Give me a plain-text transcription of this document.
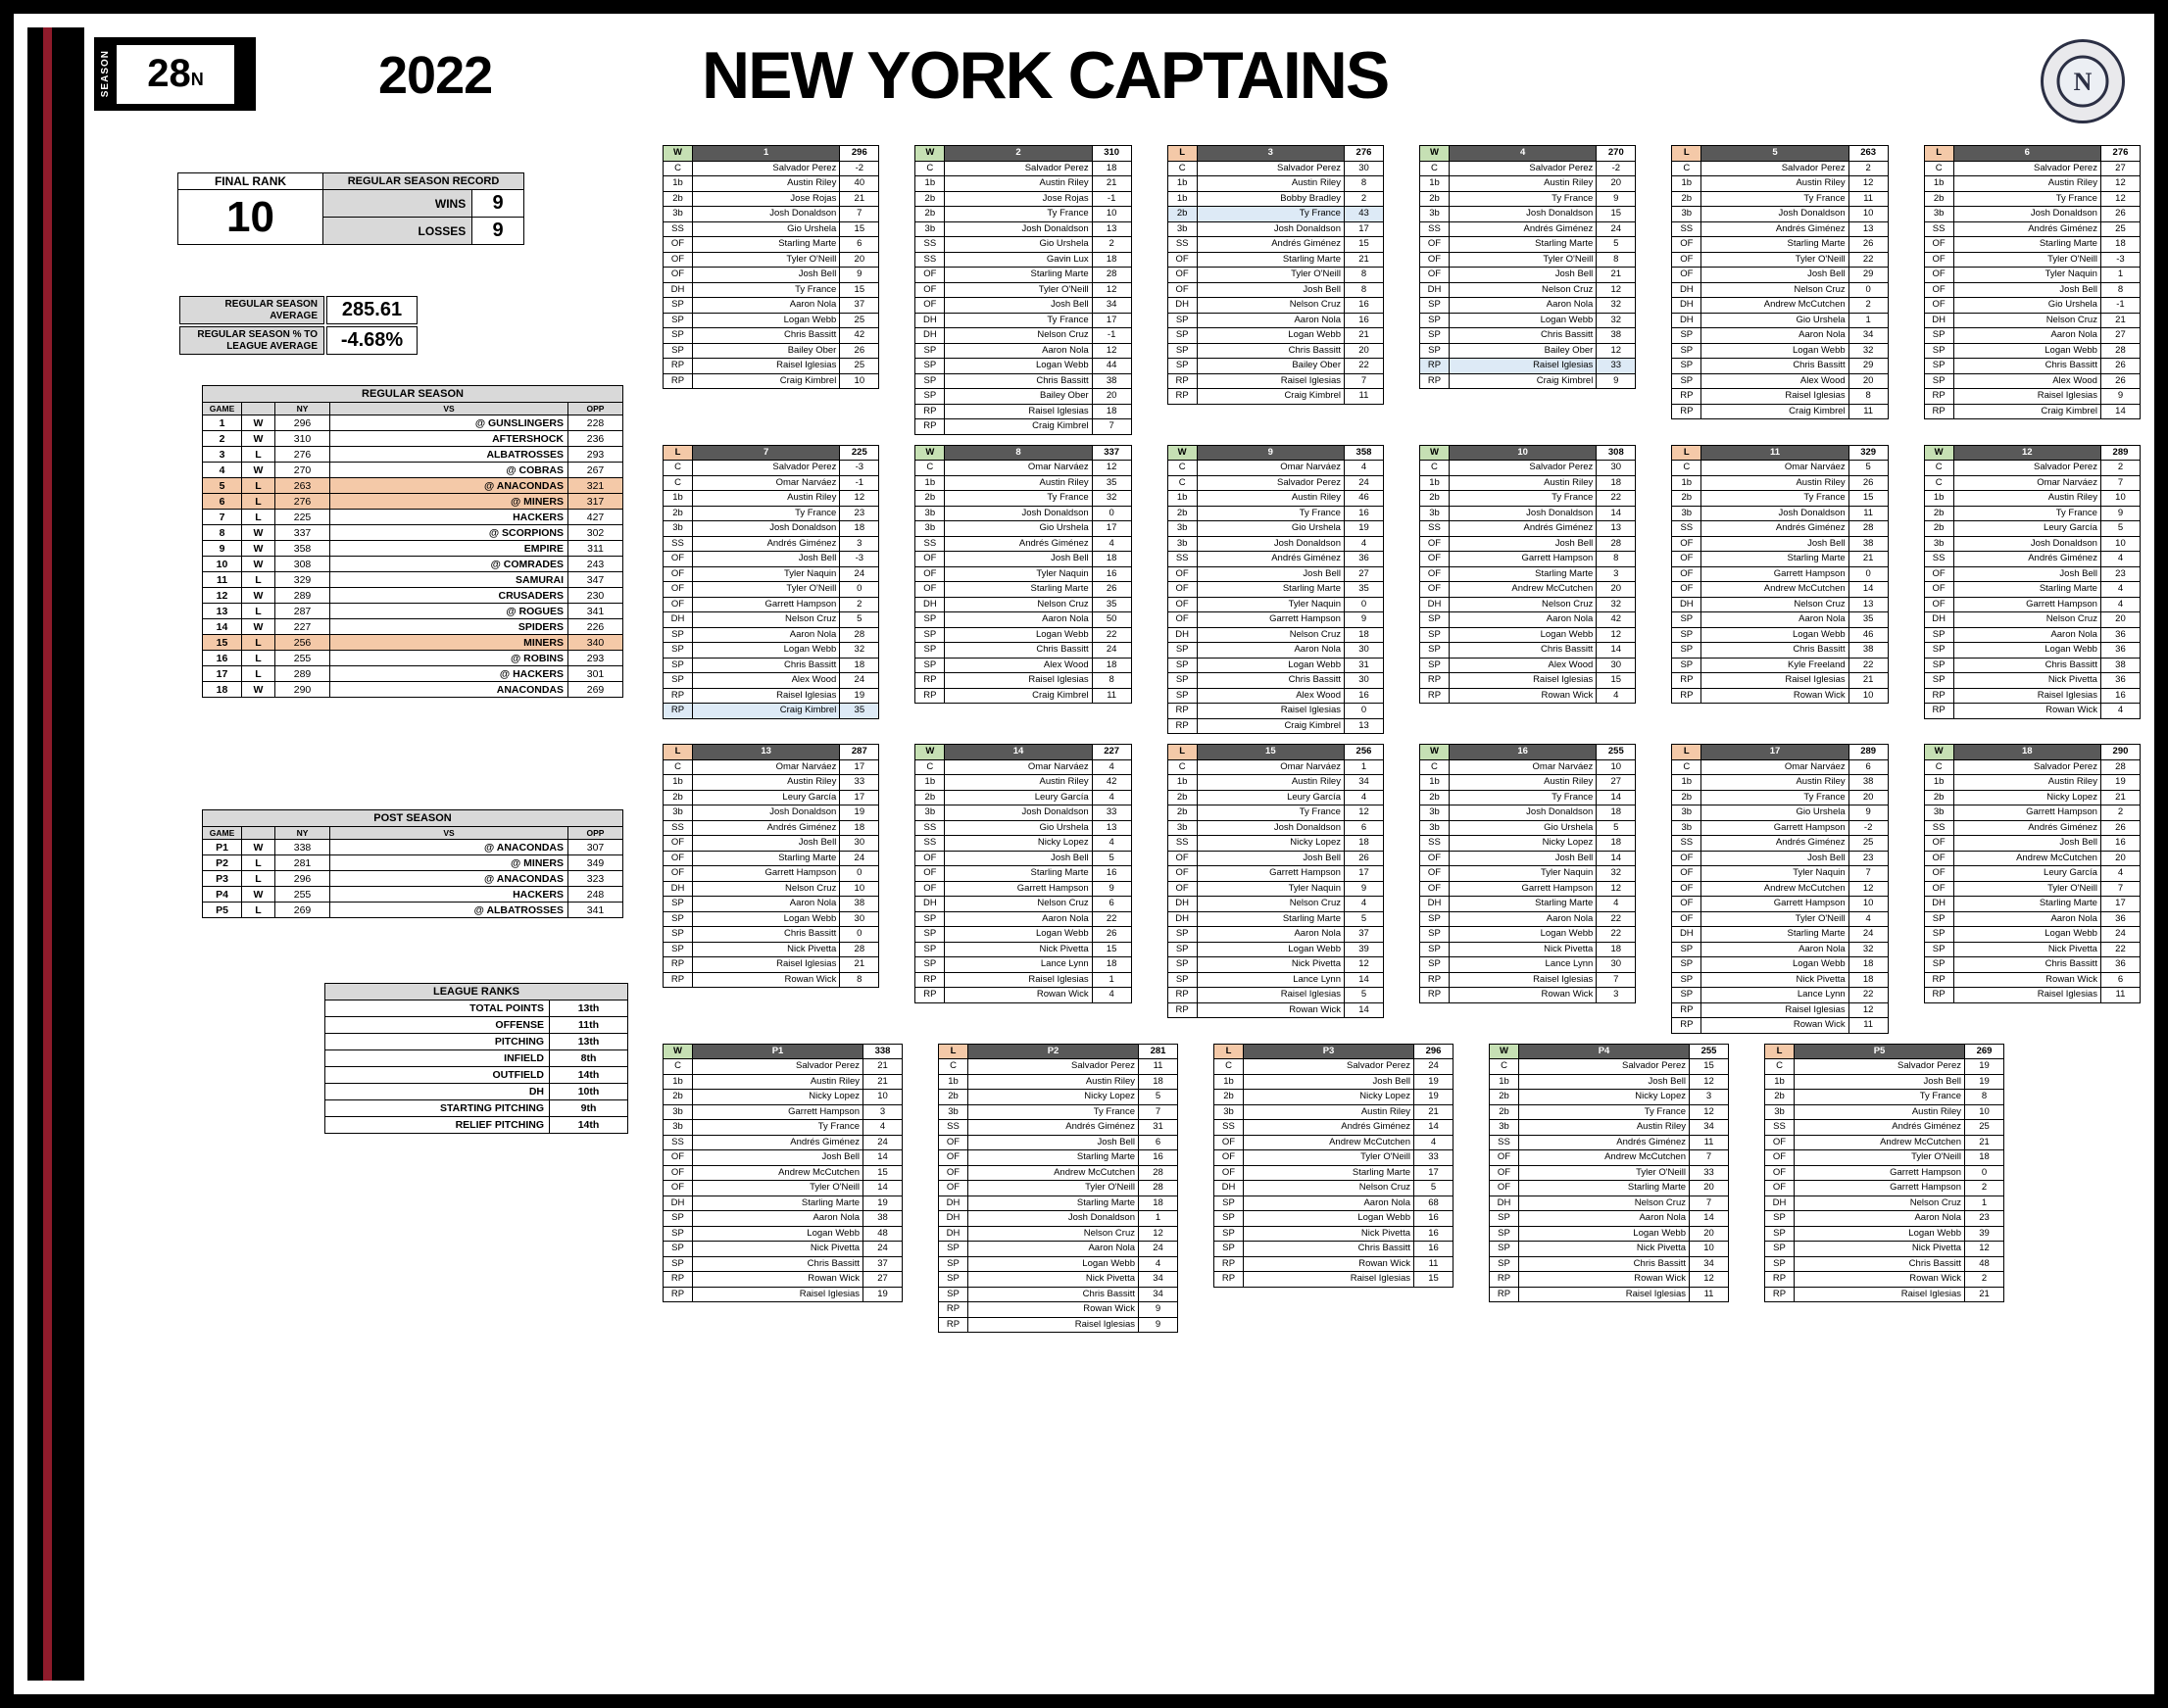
SEASON 28 N	2022	NEW YORK CAPTAINS	N
FINAL RANK	REGULAR SEASON RECORD	
10	WINS	9
	LOSSES	9
REGULAR SEASON AVERAGE	285.61
REGULAR SEASON % TO LEAGUE AVERAGE	-4.68%
REGULAR SEASON				
GAME		NY	VS	OPP
1	W	296	@ GUNSLINGERS	228
2	W	310	AFTERSHOCK	236
3	L	276	ALBATROSSES	293
4	W	270	@ COBRAS	267
5	L	263	@ ANACONDAS	321
6	L	276	@ MINERS	317
7	L	225	HACKERS	427
8	W	337	@ SCORPIONS	302
9	W	358	EMPIRE	311
10	W	308	@ COMRADES	243
11	L	329	SAMURAI	347
12	W	289	CRUSADERS	230
13	L	287	@ ROGUES	341
14	W	227	SPIDERS	226
15	L	256	MINERS	340
16	L	255	@ ROBINS	293
17	L	289	@ HACKERS	301
18	W	290	ANACONDAS	269
POST SEASON				
GAME		NY	VS	OPP
P1	W	338	@ ANACONDAS	307
P2	L	281	@ MINERS	349
P3	L	296	@ ANACONDAS	323
P4	W	255	HACKERS	248
P5	L	269	@ ALBATROSSES	341
LEAGUE RANKS	
TOTAL POINTS	13th
OFFENSE	11th
PITCHING	13th
INFIELD	8th
OUTFIELD	14th
DH	10th
STARTING PITCHING	9th
RELIEF PITCHING	14th
W	1	296
C	Salvador Perez	-2
1b	Austin Riley	40
2b	Jose Rojas	21
3b	Josh Donaldson	7
SS	Gio Urshela	15
OF	Starling Marte	6
OF	Tyler O'Neill	20
OF	Josh Bell	9
DH	Ty France	15
SP	Aaron Nola	37
SP	Logan Webb	25
SP	Chris Bassitt	42
SP	Bailey Ober	26
RP	Raisel Iglesias	25
RP	Craig Kimbrel	10
W	2	310
C	Salvador Perez	18
1b	Austin Riley	21
2b	Jose Rojas	-1
2b	Ty France	10
3b	Josh Donaldson	13
SS	Gio Urshela	2
SS	Gavin Lux	18
OF	Starling Marte	28
OF	Tyler O'Neill	12
OF	Josh Bell	34
DH	Ty France	17
DH	Nelson Cruz	-1
SP	Aaron Nola	12
SP	Logan Webb	44
SP	Chris Bassitt	38
SP	Bailey Ober	20
RP	Raisel Iglesias	18
RP	Craig Kimbrel	7
L	3	276
C	Salvador Perez	30
1b	Austin Riley	8
1b	Bobby Bradley	2
2b	Ty France	43
3b	Josh Donaldson	17
SS	Andrés Giménez	15
OF	Starling Marte	21
OF	Tyler O'Neill	8
OF	Josh Bell	8
DH	Nelson Cruz	16
SP	Aaron Nola	16
SP	Logan Webb	21
SP	Chris Bassitt	20
SP	Bailey Ober	22
RP	Raisel Iglesias	7
RP	Craig Kimbrel	11
W	4	270
C	Salvador Perez	-2
1b	Austin Riley	20
2b	Ty France	9
3b	Josh Donaldson	15
SS	Andrés Giménez	24
OF	Starling Marte	5
OF	Tyler O'Neill	8
OF	Josh Bell	21
DH	Nelson Cruz	12
SP	Aaron Nola	32
SP	Logan Webb	32
SP	Chris Bassitt	38
SP	Bailey Ober	12
RP	Raisel Iglesias	33
RP	Craig Kimbrel	9
L	5	263
C	Salvador Perez	2
1b	Austin Riley	12
2b	Ty France	11
3b	Josh Donaldson	10
SS	Andrés Giménez	13
OF	Starling Marte	26
OF	Tyler O'Neill	22
OF	Josh Bell	29
DH	Nelson Cruz	0
DH	Andrew McCutchen	2
DH	Gio Urshela	1
SP	Aaron Nola	34
SP	Logan Webb	32
SP	Chris Bassitt	29
SP	Alex Wood	20
RP	Raisel Iglesias	8
RP	Craig Kimbrel	11
L	6	276
C	Salvador Perez	27
1b	Austin Riley	12
2b	Ty France	12
3b	Josh Donaldson	26
SS	Andrés Giménez	25
OF	Starling Marte	18
OF	Tyler O'Neill	-3
OF	Tyler Naquin	1
OF	Josh Bell	8
OF	Gio Urshela	-1
DH	Nelson Cruz	21
SP	Aaron Nola	27
SP	Logan Webb	28
SP	Chris Bassitt	26
SP	Alex Wood	26
RP	Raisel Iglesias	9
RP	Craig Kimbrel	14
L	7	225
C	Salvador Perez	-3
C	Omar Narváez	-1
1b	Austin Riley	12
2b	Ty France	23
3b	Josh Donaldson	18
SS	Andrés Giménez	3
OF	Josh Bell	-3
OF	Tyler Naquin	24
OF	Tyler O'Neill	0
OF	Garrett Hampson	2
DH	Nelson Cruz	5
SP	Aaron Nola	28
SP	Logan Webb	32
SP	Chris Bassitt	18
SP	Alex Wood	24
RP	Raisel Iglesias	19
RP	Craig Kimbrel	35
W	8	337
C	Omar Narváez	12
1b	Austin Riley	35
2b	Ty France	32
3b	Josh Donaldson	0
3b	Gio Urshela	17
SS	Andrés Giménez	4
OF	Josh Bell	18
OF	Tyler Naquin	16
OF	Starling Marte	26
DH	Nelson Cruz	35
SP	Aaron Nola	50
SP	Logan Webb	22
SP	Chris Bassitt	24
SP	Alex Wood	18
RP	Raisel Iglesias	8
RP	Craig Kimbrel	11
W	9	358
C	Omar Narváez	4
C	Salvador Perez	24
1b	Austin Riley	46
2b	Ty France	16
3b	Gio Urshela	19
3b	Josh Donaldson	4
SS	Andrés Giménez	36
OF	Josh Bell	27
OF	Starling Marte	35
OF	Tyler Naquin	0
OF	Garrett Hampson	9
DH	Nelson Cruz	18
SP	Aaron Nola	30
SP	Logan Webb	31
SP	Chris Bassitt	30
SP	Alex Wood	16
RP	Raisel Iglesias	0
RP	Craig Kimbrel	13
W	10	308
C	Salvador Perez	30
1b	Austin Riley	18
2b	Ty France	22
3b	Josh Donaldson	14
SS	Andrés Giménez	13
OF	Josh Bell	28
OF	Garrett Hampson	8
OF	Starling Marte	3
OF	Andrew McCutchen	20
DH	Nelson Cruz	32
SP	Aaron Nola	42
SP	Logan Webb	12
SP	Chris Bassitt	14
SP	Alex Wood	30
RP	Raisel Iglesias	15
RP	Rowan Wick	4
L	11	329
C	Omar Narváez	5
1b	Austin Riley	26
2b	Ty France	15
3b	Josh Donaldson	11
SS	Andrés Giménez	28
OF	Josh Bell	38
OF	Starling Marte	21
OF	Garrett Hampson	0
OF	Andrew McCutchen	14
DH	Nelson Cruz	13
SP	Aaron Nola	35
SP	Logan Webb	46
SP	Chris Bassitt	38
SP	Kyle Freeland	22
RP	Raisel Iglesias	21
RP	Rowan Wick	10
W	12	289
C	Salvador Perez	2
C	Omar Narváez	7
1b	Austin Riley	10
2b	Ty France	9
2b	Leury García	5
3b	Josh Donaldson	10
SS	Andrés Giménez	4
OF	Josh Bell	23
OF	Starling Marte	4
OF	Garrett Hampson	4
DH	Nelson Cruz	20
SP	Aaron Nola	36
SP	Logan Webb	36
SP	Chris Bassitt	38
SP	Nick Pivetta	36
RP	Raisel Iglesias	16
RP	Rowan Wick	4
L	13	287
C	Omar Narváez	17
1b	Austin Riley	33
2b	Leury García	17
3b	Josh Donaldson	19
SS	Andrés Giménez	18
OF	Josh Bell	30
OF	Starling Marte	24
OF	Garrett Hampson	0
DH	Nelson Cruz	10
SP	Aaron Nola	38
SP	Logan Webb	30
SP	Chris Bassitt	0
SP	Nick Pivetta	28
RP	Raisel Iglesias	21
RP	Rowan Wick	8
W	14	227
C	Omar Narváez	4
1b	Austin Riley	42
2b	Leury García	4
3b	Josh Donaldson	33
SS	Gio Urshela	13
SS	Nicky Lopez	4
OF	Josh Bell	5
OF	Starling Marte	16
OF	Garrett Hampson	9
DH	Nelson Cruz	6
SP	Aaron Nola	22
SP	Logan Webb	26
SP	Nick Pivetta	15
SP	Lance Lynn	18
RP	Raisel Iglesias	1
RP	Rowan Wick	4
L	15	256
C	Omar Narváez	1
1b	Austin Riley	34
2b	Leury García	4
2b	Ty France	12
3b	Josh Donaldson	6
SS	Nicky Lopez	18
OF	Josh Bell	26
OF	Garrett Hampson	17
OF	Tyler Naquin	9
DH	Nelson Cruz	4
DH	Starling Marte	5
SP	Aaron Nola	37
SP	Logan Webb	39
SP	Nick Pivetta	12
SP	Lance Lynn	14
RP	Raisel Iglesias	5
RP	Rowan Wick	14
W	16	255
C	Omar Narváez	10
1b	Austin Riley	27
2b	Ty France	14
3b	Josh Donaldson	18
3b	Gio Urshela	5
SS	Nicky Lopez	18
OF	Josh Bell	14
OF	Tyler Naquin	32
OF	Garrett Hampson	12
DH	Starling Marte	4
SP	Aaron Nola	22
SP	Logan Webb	22
SP	Nick Pivetta	18
SP	Lance Lynn	30
RP	Raisel Iglesias	7
RP	Rowan Wick	3
L	17	289
C	Omar Narváez	6
1b	Austin Riley	38
2b	Ty France	20
3b	Gio Urshela	9
3b	Garrett Hampson	-2
SS	Andrés Giménez	25
OF	Josh Bell	23
OF	Tyler Naquin	7
OF	Andrew McCutchen	12
OF	Garrett Hampson	10
OF	Tyler O'Neill	4
DH	Starling Marte	24
SP	Aaron Nola	32
SP	Logan Webb	18
SP	Nick Pivetta	18
SP	Lance Lynn	22
RP	Raisel Iglesias	12
RP	Rowan Wick	11
W	18	290
C	Salvador Perez	28
1b	Austin Riley	19
2b	Nicky Lopez	21
3b	Garrett Hampson	2
SS	Andrés Giménez	26
OF	Josh Bell	16
OF	Andrew McCutchen	20
OF	Leury García	4
OF	Tyler O'Neill	7
DH	Starling Marte	17
SP	Aaron Nola	36
SP	Logan Webb	24
SP	Nick Pivetta	22
SP	Chris Bassitt	36
RP	Rowan Wick	6
RP	Raisel Iglesias	11
W	P1	338
C	Salvador Perez	21
1b	Austin Riley	21
2b	Nicky Lopez	10
3b	Garrett Hampson	3
3b	Ty France	4
SS	Andrés Giménez	24
OF	Josh Bell	14
OF	Andrew McCutchen	15
OF	Tyler O'Neill	14
DH	Starling Marte	19
SP	Aaron Nola	38
SP	Logan Webb	48
SP	Nick Pivetta	24
SP	Chris Bassitt	37
RP	Rowan Wick	27
RP	Raisel Iglesias	19
L	P2	281
C	Salvador Perez	11
1b	Austin Riley	18
2b	Nicky Lopez	5
3b	Ty France	7
SS	Andrés Giménez	31
OF	Josh Bell	6
OF	Starling Marte	16
OF	Andrew McCutchen	28
OF	Tyler O'Neill	28
DH	Starling Marte	18
DH	Josh Donaldson	1
DH	Nelson Cruz	12
SP	Aaron Nola	24
SP	Logan Webb	4
SP	Nick Pivetta	34
SP	Chris Bassitt	34
RP	Rowan Wick	9
RP	Raisel Iglesias	9
L	P3	296
C	Salvador Perez	24
1b	Josh Bell	19
2b	Nicky Lopez	19
3b	Austin Riley	21
SS	Andrés Giménez	14
OF	Andrew McCutchen	4
OF	Tyler O'Neill	33
OF	Starling Marte	17
DH	Nelson Cruz	5
SP	Aaron Nola	68
SP	Logan Webb	16
SP	Nick Pivetta	16
SP	Chris Bassitt	16
RP	Rowan Wick	11
RP	Raisel Iglesias	15
W	P4	255
C	Salvador Perez	15
1b	Josh Bell	12
2b	Nicky Lopez	3
2b	Ty France	12
3b	Austin Riley	34
SS	Andrés Giménez	11
OF	Andrew McCutchen	7
OF	Tyler O'Neill	33
OF	Starling Marte	20
DH	Nelson Cruz	7
SP	Aaron Nola	14
SP	Logan Webb	20
SP	Nick Pivetta	10
SP	Chris Bassitt	34
RP	Rowan Wick	12
RP	Raisel Iglesias	11
L	P5	269
C	Salvador Perez	19
1b	Josh Bell	19
2b	Ty France	8
3b	Austin Riley	10
SS	Andrés Giménez	25
OF	Andrew McCutchen	21
OF	Tyler O'Neill	18
OF	Garrett Hampson	0
OF	Garrett Hampson	2
DH	Nelson Cruz	1
SP	Aaron Nola	23
SP	Logan Webb	39
SP	Nick Pivetta	12
SP	Chris Bassitt	48
RP	Rowan Wick	2
RP	Raisel Iglesias	21
